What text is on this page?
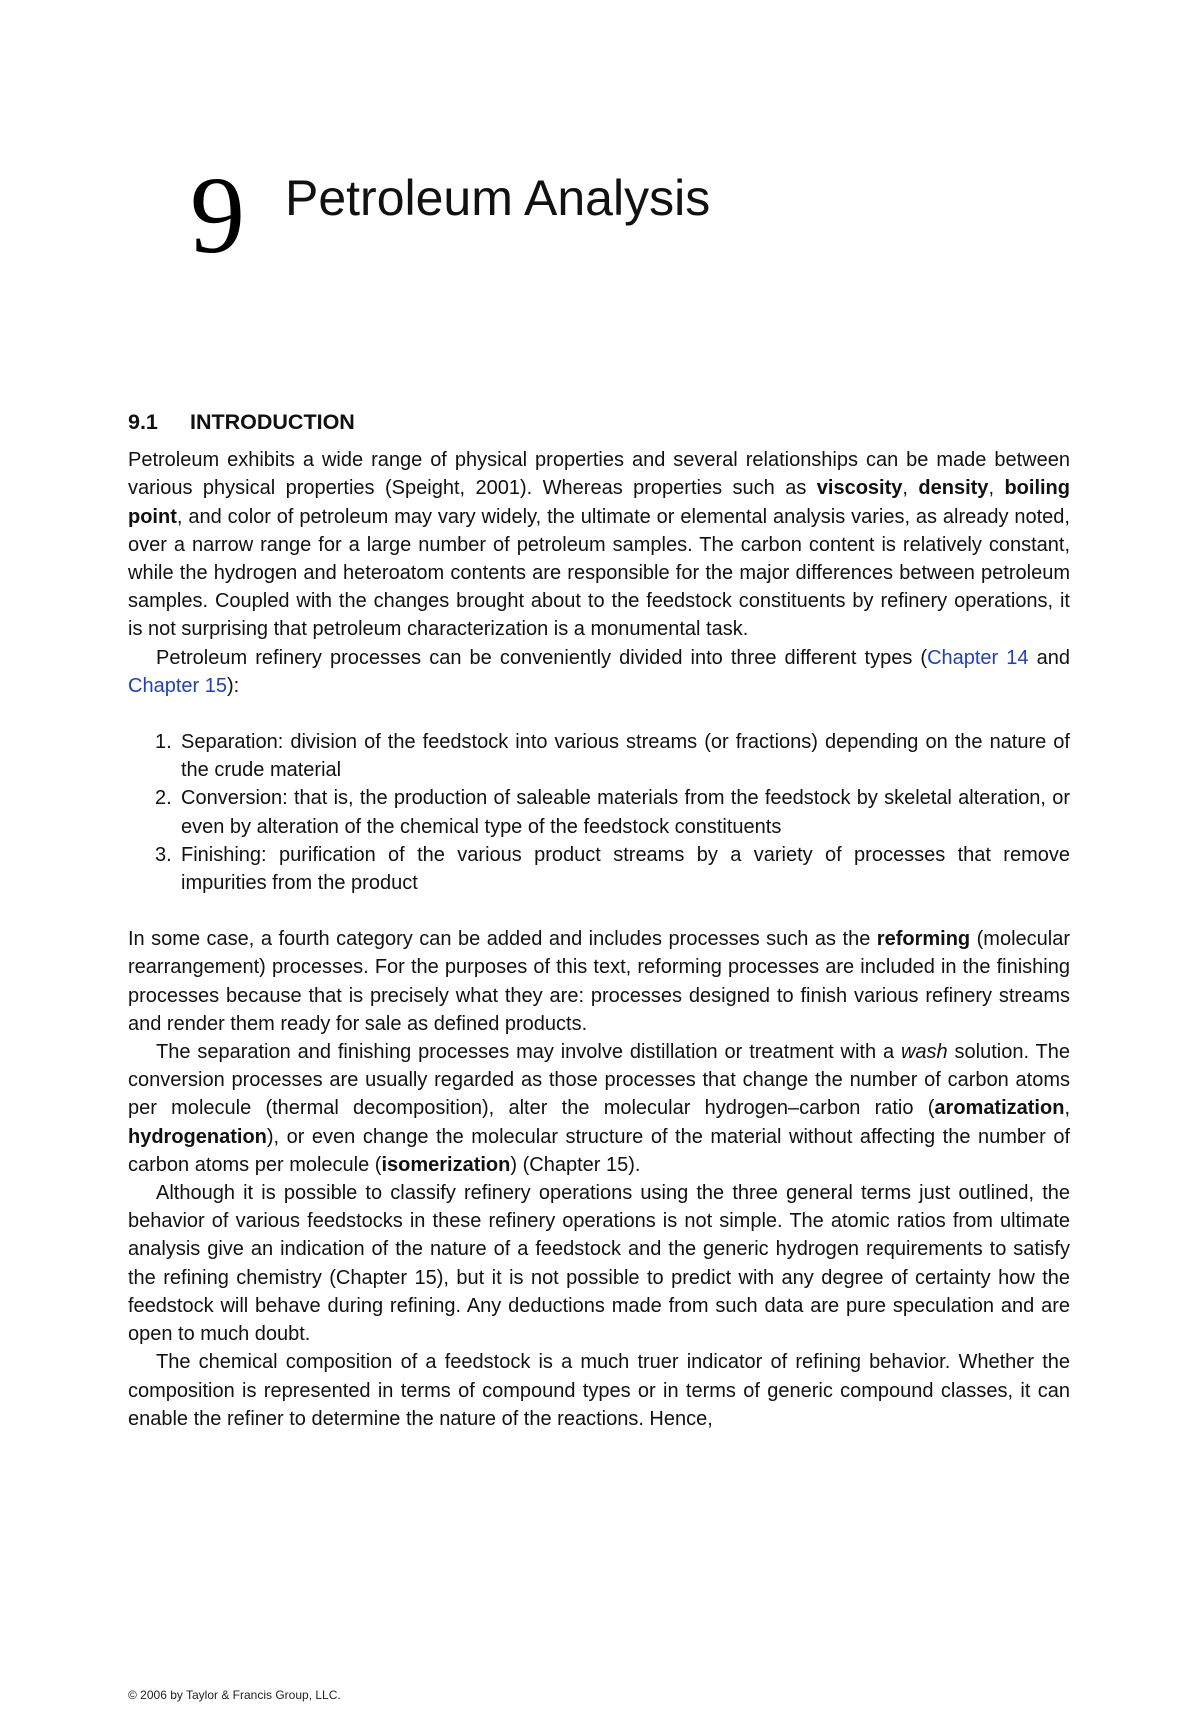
9 Petroleum Analysis
9.1 INTRODUCTION

Petroleum exhibits a wide range of physical properties and several relationships can be made between various physical properties (Speight, 2001). Whereas properties such as viscosity, density, boiling point, and color of petroleum may vary widely, the ultimate or elemental analysis varies, as already noted, over a narrow range for a large number of petroleum samples. The carbon content is relatively constant, while the hydrogen and heteroatom contents are responsible for the major differences between petroleum samples. Coupled with the changes brought about to the feedstock constituents by refinery operations, it is not surprising that petroleum characterization is a monumental task.

Petroleum refinery processes can be conveniently divided into three different types (Chapter 14 and Chapter 15):

1. Separation: division of the feedstock into various streams (or fractions) depending on the nature of the crude material
2. Conversion: that is, the production of saleable materials from the feedstock by skeletal alteration, or even by alteration of the chemical type of the feedstock constituents
3. Finishing: purification of the various product streams by a variety of processes that remove impurities from the product

In some case, a fourth category can be added and includes processes such as the reforming (molecular rearrangement) processes. For the purposes of this text, reforming processes are included in the finishing processes because that is precisely what they are: processes designed to finish various refinery streams and render them ready for sale as defined products.

The separation and finishing processes may involve distillation or treatment with a wash solution. The conversion processes are usually regarded as those processes that change the number of carbon atoms per molecule (thermal decomposition), alter the molecular hydrogen–carbon ratio (aromatization, hydrogenation), or even change the molecular structure of the material without affecting the number of carbon atoms per molecule (isomerization) (Chapter 15).

Although it is possible to classify refinery operations using the three general terms just outlined, the behavior of various feedstocks in these refinery operations is not simple. The atomic ratios from ultimate analysis give an indication of the nature of a feedstock and the generic hydrogen requirements to satisfy the refining chemistry (Chapter 15), but it is not possible to predict with any degree of certainty how the feedstock will behave during refining. Any deductions made from such data are pure speculation and are open to much doubt.

The chemical composition of a feedstock is a much truer indicator of refining behavior. Whether the composition is represented in terms of compound types or in terms of generic compound classes, it can enable the refiner to determine the nature of the reactions. Hence,

© 2006 by Taylor & Francis Group, LLC.
